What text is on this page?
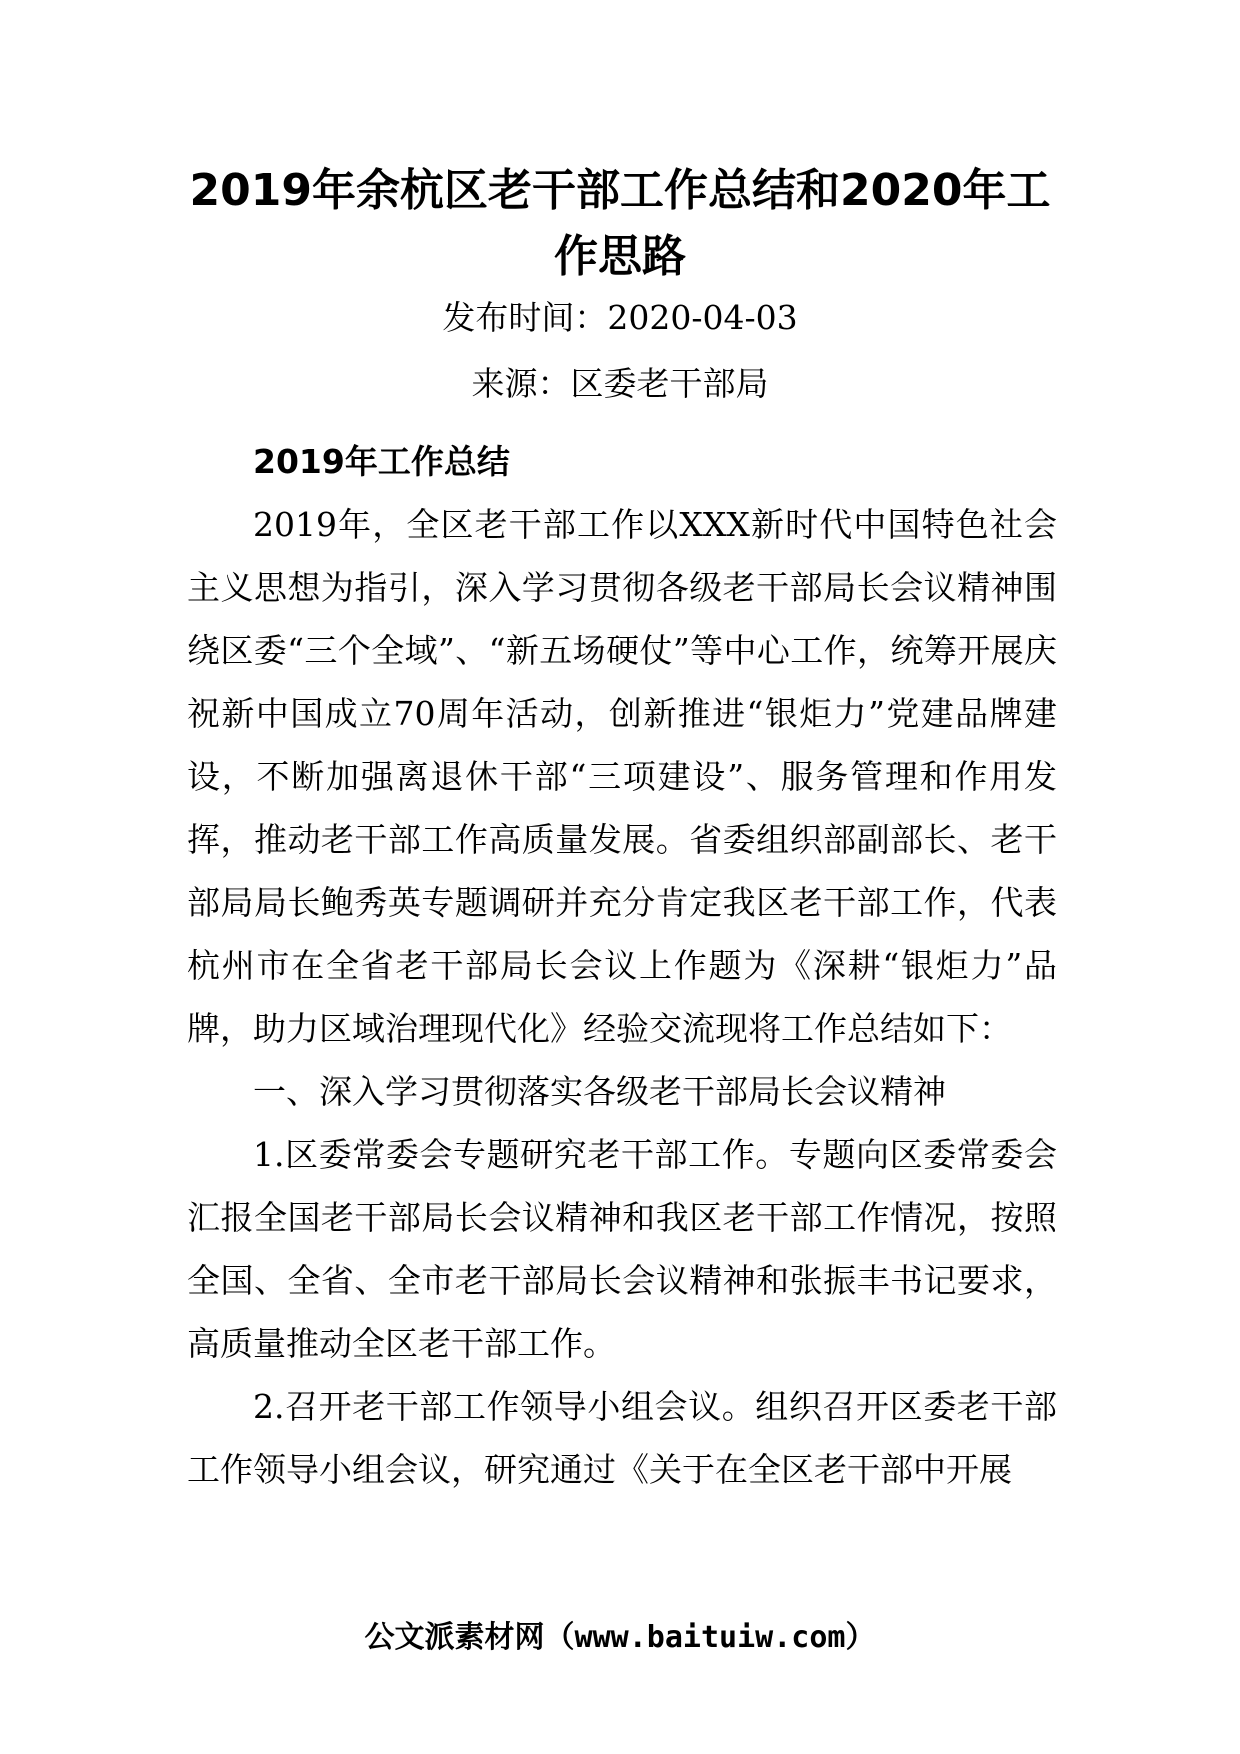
2019年余杭区老干部工作总结和2020年工作思路

发布时间：2020-04-03

来源：区委老干部局

2019年工作总结

2019年，全区老干部工作以XXX新时代中国特色社会主义思想为指引，深入学习贯彻各级老干部局长会议精神围绕区委“三个全域”、“新五场硬仗”等中心工作，统筹开展庆祝新中国成立70周年活动，创新推进“银炬力”党建品牌建设，不断加强离退休干部“三项建设”、服务管理和作用发挥，推动老干部工作高质量发展。省委组织部副部长、老干部局局长鲍秀英专题调研并充分肯定我区老干部工作，代表杭州市在全省老干部局长会议上作题为《深耕“银炬力”品牌，助力区域治理现代化》经验交流现将工作总结如下：

一、深入学习贯彻落实各级老干部局长会议精神

1.区委常委会专题研究老干部工作。专题向区委常委会汇报全国老干部局长会议精神和我区老干部工作情况，按照全国、全省、全市老干部局长会议精神和张振丰书记要求，高质量推动全区老干部工作。

2.召开老干部工作领导小组会议。组织召开区委老干部工作领导小组会议，研究通过《关于在全区老干部中开展

公文派素材网（www.baituiw.com）
